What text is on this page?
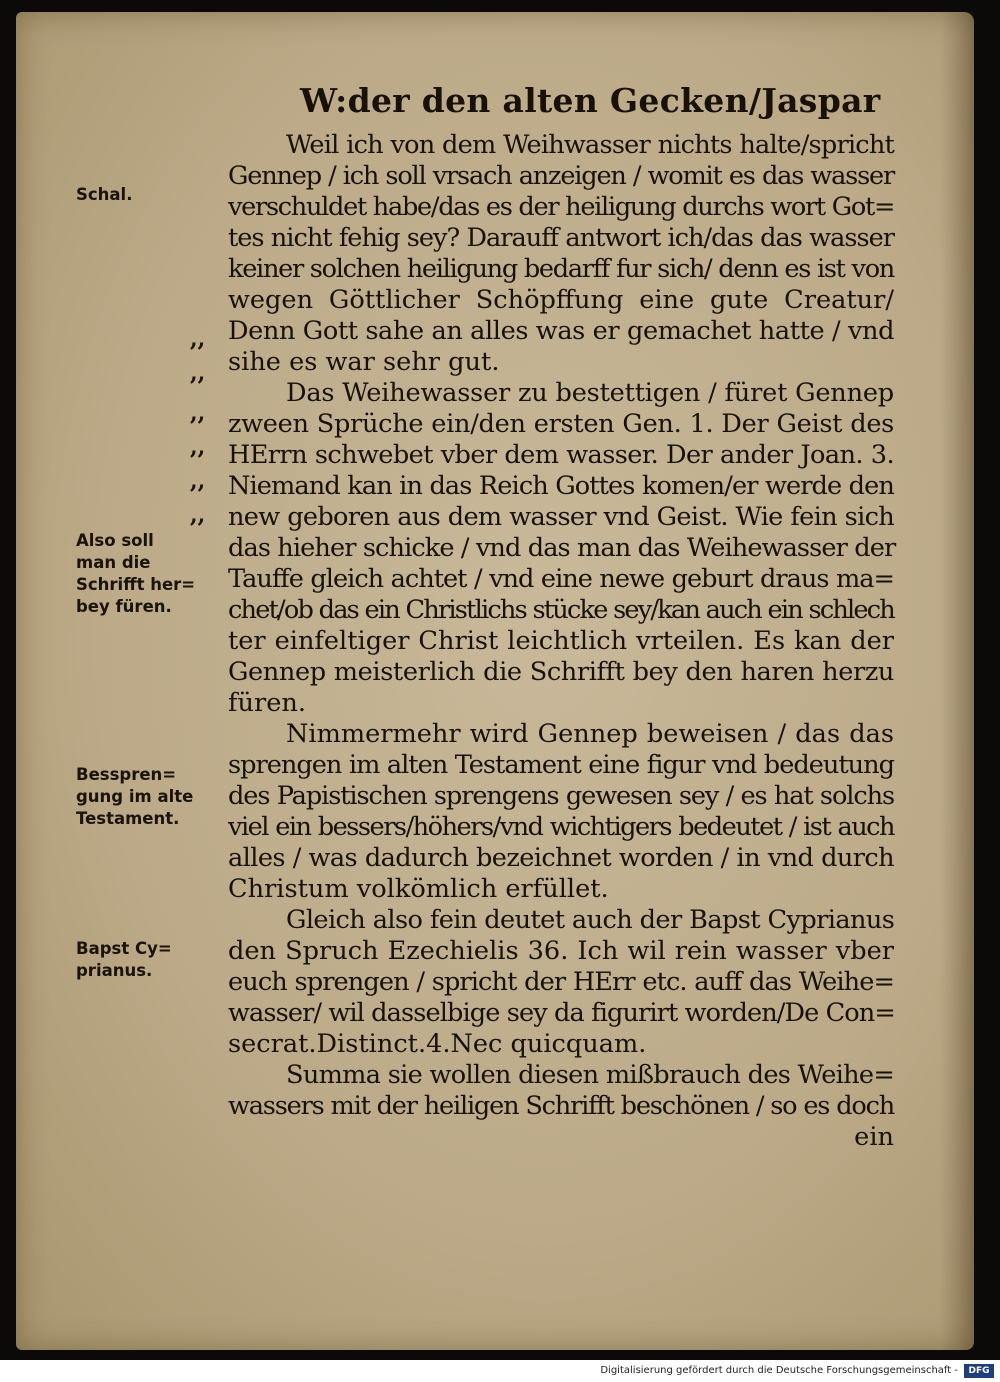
W:der den alten Gecken/Jaspar
Weil ich von dem Weihwasser nichts halte/spricht
Gennep / ich soll vrsach anzeigen / womit es das wasser
verschuldet habe/das es der heiligung durchs wort Got=
tes nicht fehig sey? Darauff antwort ich/das das wasser
keiner solchen heiligung bedarff fur sich/ denn es ist von
wegen Göttlicher Schöpffung eine gute Creatur/
Denn Gott sahe an alles was er gemachet hatte / vnd
sihe es war sehr gut.
Das Weihewasser zu bestettigen / füret Gennep
zween Sprüche ein/den ersten Gen. 1. Der Geist des
HErrn schwebet vber dem wasser. Der ander Joan. 3.
Niemand kan in das Reich Gottes komen/er werde den
new geboren aus dem wasser vnd Geist. Wie fein sich
das hieher schicke / vnd das man das Weihewasser der
Tauffe gleich achtet / vnd eine newe geburt draus ma=
chet/ob das ein Christlichs stücke sey/kan auch ein schlech
ter einfeltiger Christ leichtlich vrteilen. Es kan der
Gennep meisterlich die Schrifft bey den haren herzu
füren.
Nimmermehr wird Gennep beweisen / das das
sprengen im alten Testament eine figur vnd bedeutung
des Papistischen sprengens gewesen sey / es hat solchs
viel ein bessers/höhers/vnd wichtigers bedeutet / ist auch
alles / was dadurch bezeichnet worden / in vnd durch
Christum volkömlich erfüllet.
Gleich also fein deutet auch der Bapst Cyprianus
den Spruch Ezechielis 36. Ich wil rein wasser vber
euch sprengen / spricht der HErr etc. auff das Weihe=
wasser/ wil dasselbige sey da figurirt worden/De Con=
secrat.Distinct.4.Nec quicquam.
Summa sie wollen diesen mißbrauch des Weihe=
wassers mit der heiligen Schrifft beschönen / so es doch
ein
Schal.
Also soll
man die
Schrifft her=
bey füren.
Besspren=
gung im alte
Testament.
Bapst Cy=
prianus.
,,
,,
,,
,,
,,
,,
Digitalisierung gefördert durch die Deutsche Forschungsgemeinschaft -	DFG
